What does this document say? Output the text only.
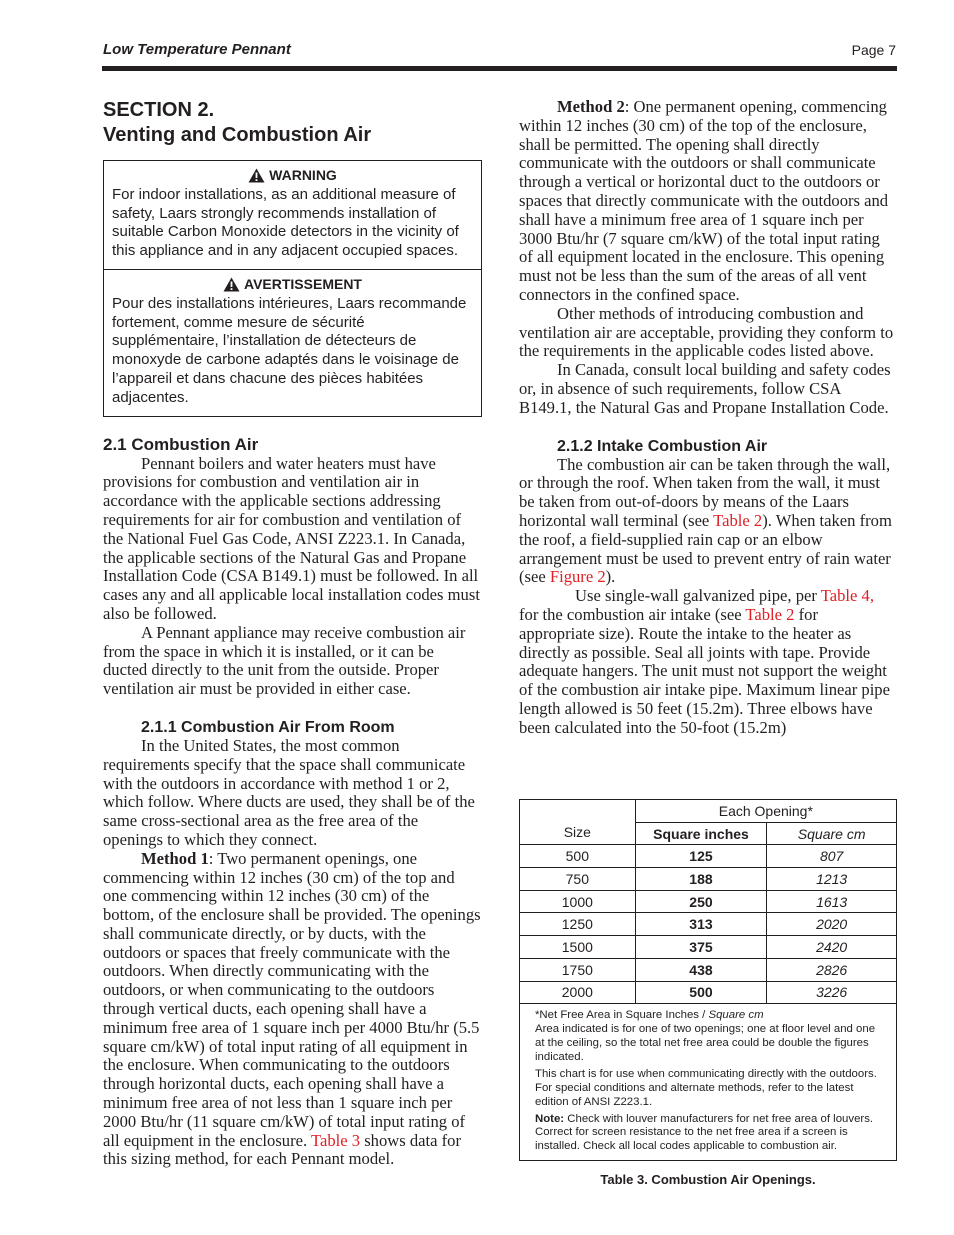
Low Temperature Pennant	Page 7
SECTION 2.
Venting and Combustion Air
WARNING
For indoor installations, as an additional measure of safety, Laars strongly recommends installation of suitable Carbon Monoxide detectors in the vicinity of this appliance and in any adjacent occupied spaces.
AVERTISSEMENT
Pour des installations intérieures, Laars recommande fortement, comme mesure de sécurité supplémentaire, l’installation de détecteurs de monoxyde de carbone adaptés dans le voisinage de l’appareil et dans chacune des pièces habitées adjacentes.
2.1 Combustion Air

Pennant boilers and water heaters must have provisions for combustion and ventilation air in accordance with the applicable sections addressing requirements for air for combustion and ventilation of the National Fuel Gas Code, ANSI Z223.1. In Canada, the applicable sections of the Natural Gas and Propane Installation Code (CSA B149.1) must be followed. In all cases any and all applicable local installation codes must also be followed.

A Pennant appliance may receive combustion air from the space in which it is installed, or it can be ducted directly to the unit from the outside. Proper ventilation air must be provided in either case.

2.1.1 Combustion Air From Room

In the United States, the most common requirements specify that the space shall communicate with the outdoors in accordance with method 1 or 2, which follow. Where ducts are used, they shall be of the same cross-sectional area as the free area of the openings to which they connect.

Method 1: Two permanent openings, one commencing within 12 inches (30 cm) of the top and one commencing within 12 inches (30 cm) of the bottom, of the enclosure shall be provided. The openings shall communicate directly, or by ducts, with the outdoors or spaces that freely communicate with the outdoors. When directly communicating with the outdoors, or when communicating to the outdoors through vertical ducts, each opening shall have a minimum free area of 1 square inch per 4000 Btu/hr (5.5 square cm/kW) of total input rating of all equipment in the enclosure. When communicating to the outdoors through horizontal ducts, each opening shall have a minimum free area of not less than 1 square inch per 2000 Btu/hr (11 square cm/kW) of total input rating of all equipment in the enclosure. Table 3 shows data for this sizing method, for each Pennant model.

Method 2: One permanent opening, commencing within 12 inches (30 cm) of the top of the enclosure, shall be permitted. The opening shall directly communicate with the outdoors or shall communicate through a vertical or horizontal duct to the outdoors or spaces that directly communicate with the outdoors and shall have a minimum free area of 1 square inch per 3000 Btu/hr (7 square cm/kW) of the total input rating of all equipment located in the enclosure. This opening must not be less than the sum of the areas of all vent connectors in the confined space.

Other methods of introducing combustion and ventilation air are acceptable, providing they conform to the requirements in the applicable codes listed above.

In Canada, consult local building and safety codes or, in absence of such requirements, follow CSA B149.1, the Natural Gas and Propane Installation Code.

2.1.2 Intake Combustion Air

The combustion air can be taken through the wall, or through the roof. When taken from the wall, it must be taken from out-of-doors by means of the Laars horizontal wall terminal (see Table 2). When taken from the roof, a field-supplied rain cap or an elbow arrangement must be used to prevent entry of rain water (see Figure 2).

Use single-wall galvanized pipe, per Table 4, for the combustion air intake (see Table 2 for appropriate size). Route the intake to the heater as directly as possible. Seal all joints with tape. Provide adequate hangers. The unit must not support the weight of the combustion air intake pipe. Maximum linear pipe length allowed is 50 feet (15.2m). Three elbows have been calculated into the 50-foot (15.2m)

Size	Each Opening*	
	Square inches	Square cm
500	125	807
750	188	1213
1000	250	1613
1250	313	2020
1500	375	2420
1750	438	2826
2000	500	3226

*Net Free Area in Square Inches / Square cm
Area indicated is for one of two openings; one at floor level and one at the ceiling, so the total net free area could be double the figures indicated.

This chart is for use when communicating directly with the outdoors. For special conditions and alternate methods, refer to the latest edition of ANSI Z223.1.

Note: Check with louver manufacturers for net free area of louvers. Correct for screen resistance to the net free area if a screen is installed. Check all local codes applicable to combustion air.

Table 3. Combustion Air Openings.
